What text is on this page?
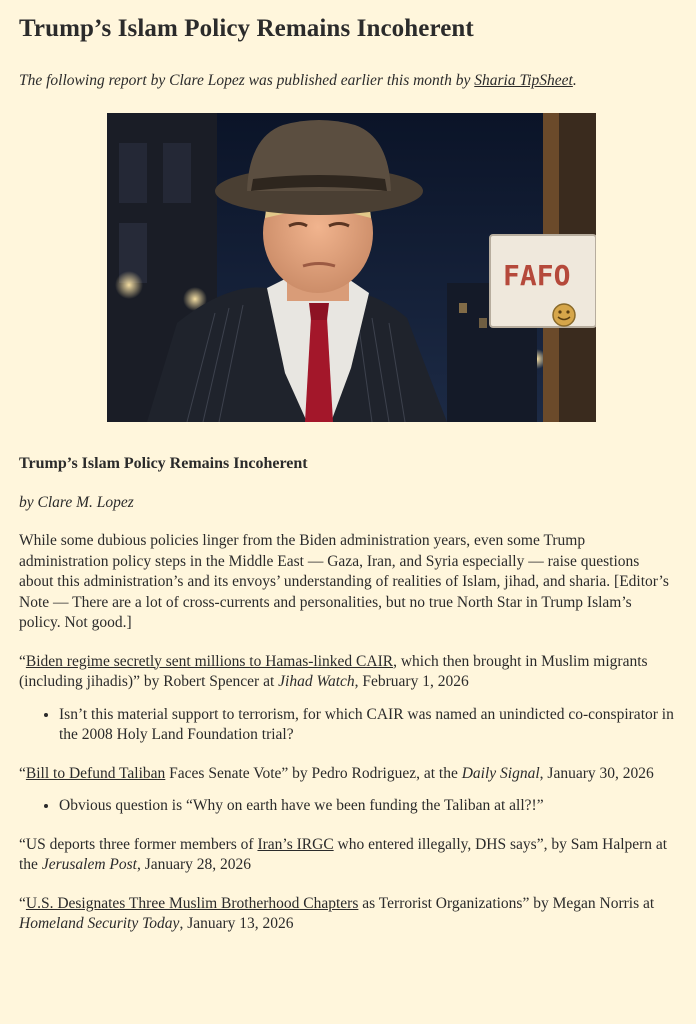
Trump’s Islam Policy Remains Incoherent

The following report by Clare Lopez was published earlier this month by Sharia TipSheet.

FAFO
Trump’s Islam Policy Remains Incoherent
by Clare M. Lopez

While some dubious policies linger from the Biden administration years, even some Trump administration policy steps in the Middle East — Gaza, Iran, and Syria especially — raise questions about this administration’s and its envoys’ understanding of realities of Islam, jihad, and sharia. [Editor’s Note — There are a lot of cross-currents and personalities, but no true North Star in Trump Islam’s policy. Not good.]

“Biden regime secretly sent millions to Hamas-linked CAIR, which then brought in Muslim migrants (including jihadis)” by Robert Spencer at Jihad Watch, February 1, 2026

• Isn’t this material support to terrorism, for which CAIR was named an unindicted co-conspirator in the 2008 Holy Land Foundation trial?

“Bill to Defund Taliban Faces Senate Vote” by Pedro Rodriguez, at the Daily Signal, January 30, 2026

• Obvious question is “Why on earth have we been funding the Taliban at all?!”

“US deports three former members of Iran’s IRGC who entered illegally, DHS says”, by Sam Halpern at the Jerusalem Post, January 28, 2026

“U.S. Designates Three Muslim Brotherhood Chapters as Terrorist Organizations” by Megan Norris at Homeland Security Today, January 13, 2026
